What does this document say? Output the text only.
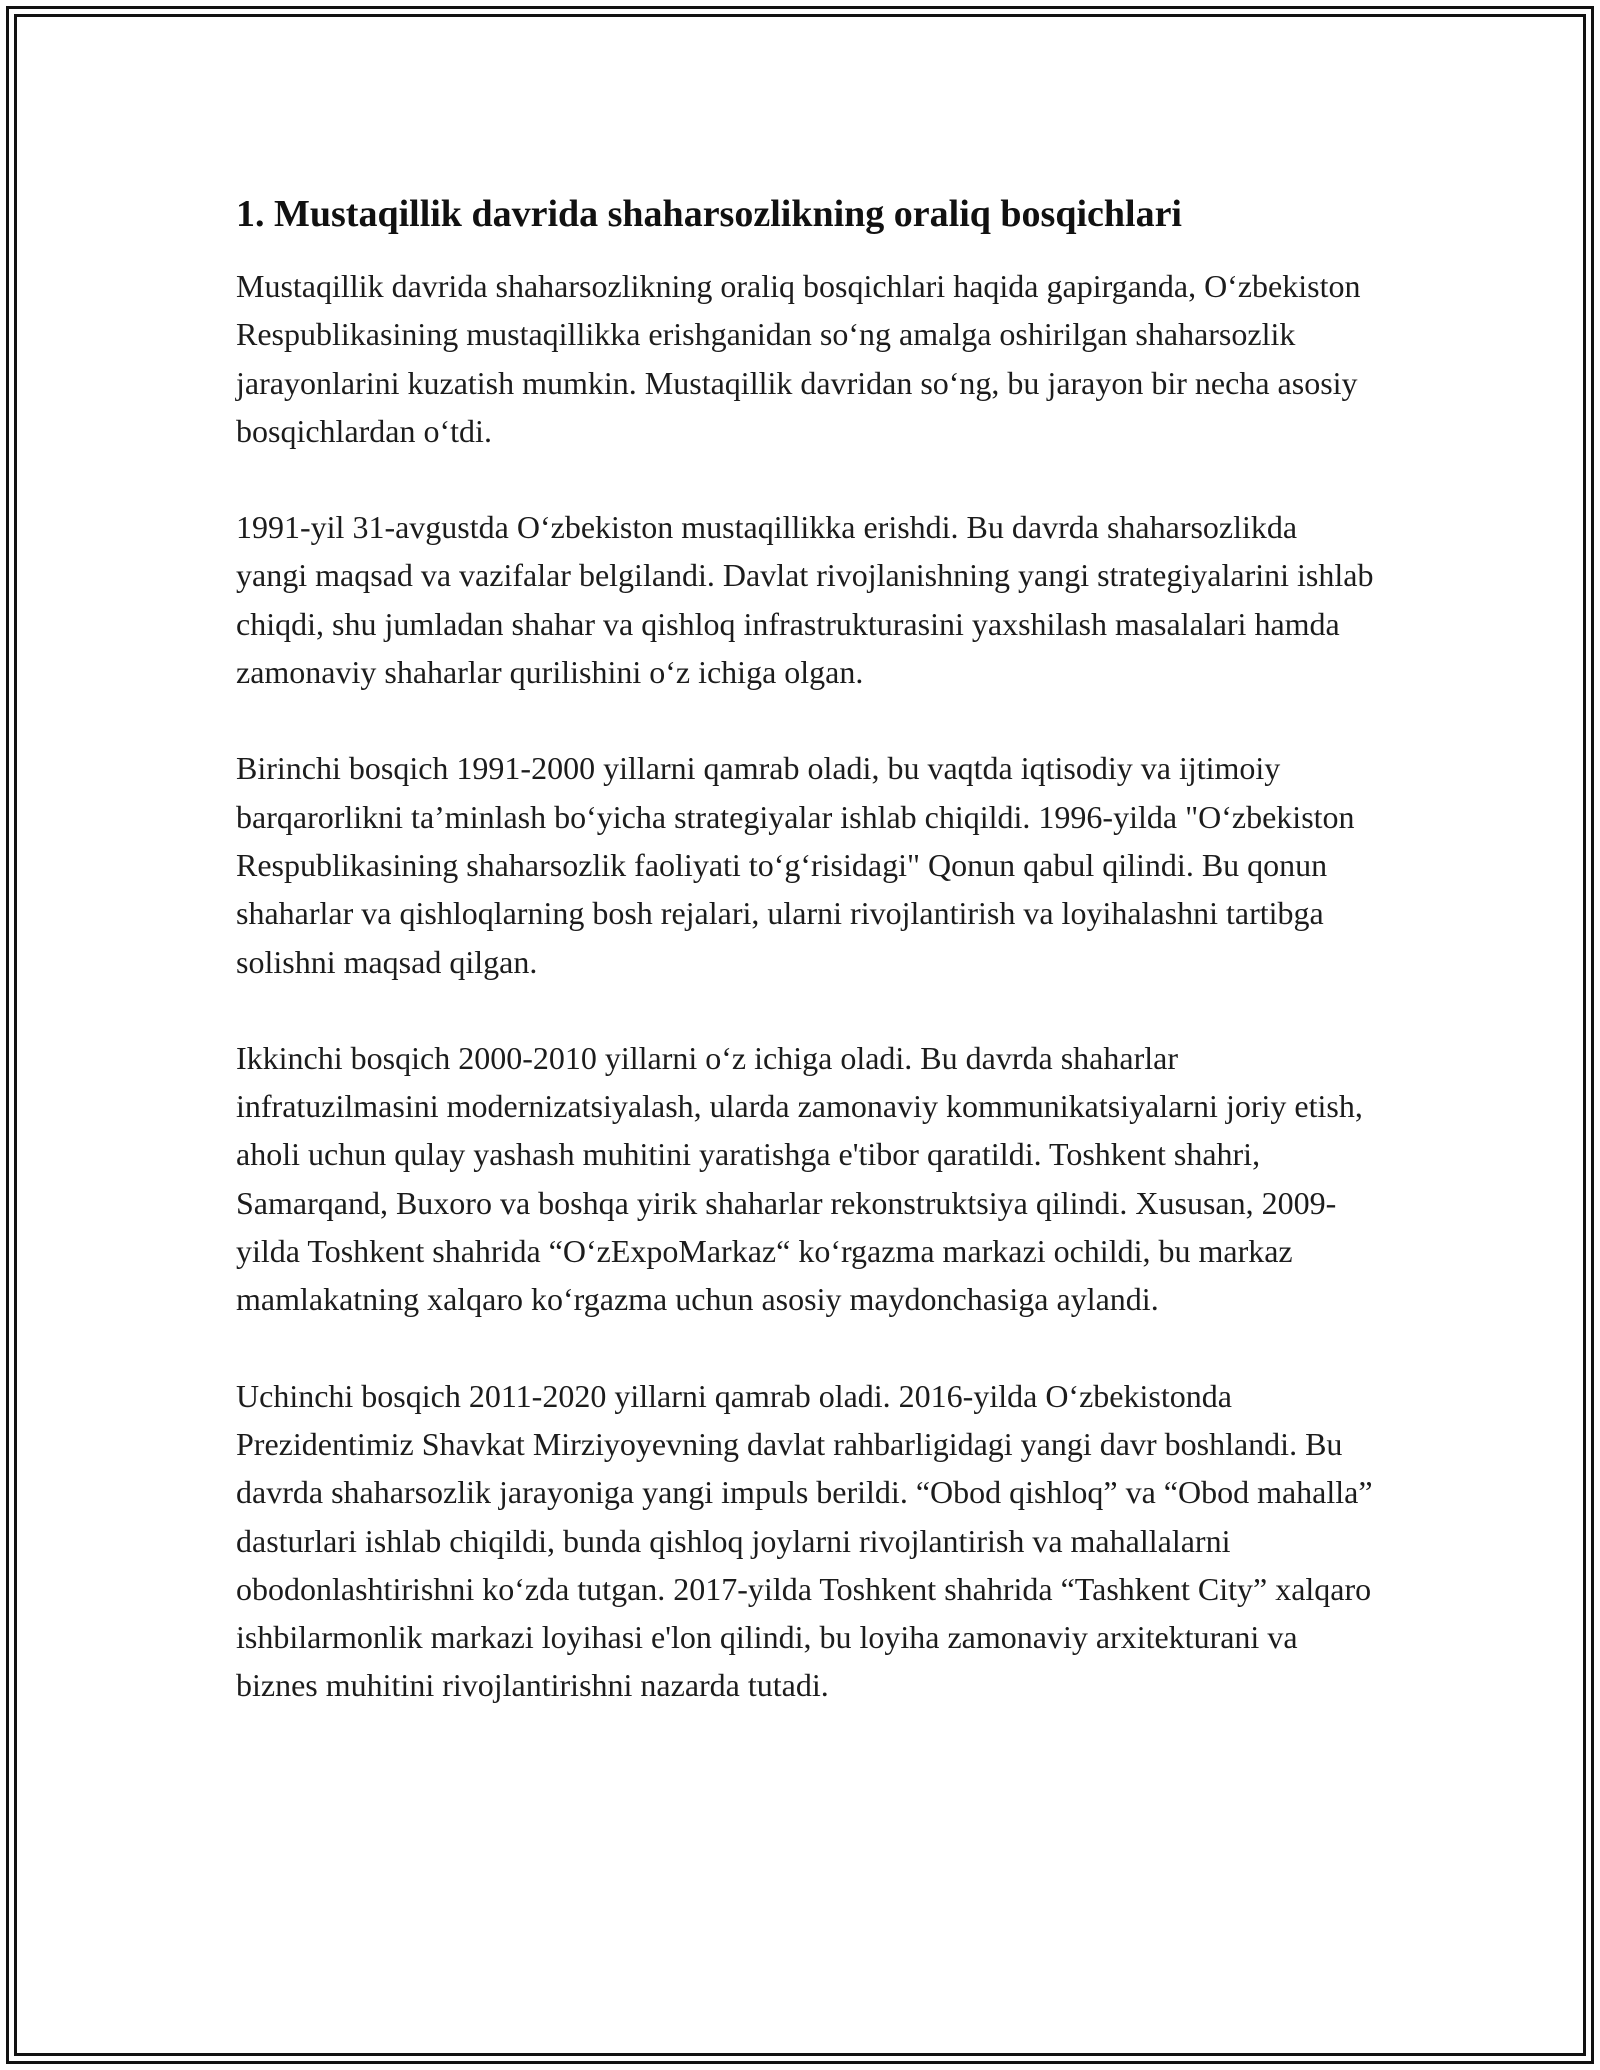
1. Mustaqillik davrida shaharsozlikning oraliq bosqichlari

Mustaqillik davrida shaharsozlikning oraliq bosqichlari haqida gapirganda, O‘zbekiston Respublikasining mustaqillikka erishganidan so‘ng amalga oshirilgan shaharsozlik jarayonlarini kuzatish mumkin. Mustaqillik davridan so‘ng, bu jarayon bir necha asosiy bosqichlardan o‘tdi.

1991-yil 31-avgustda O‘zbekiston mustaqillikka erishdi. Bu davrda shaharsozlikda yangi maqsad va vazifalar belgilandi. Davlat rivojlanishning yangi strategiyalarini ishlab chiqdi, shu jumladan shahar va qishloq infrastrukturasini yaxshilash masalalari hamda zamonaviy shaharlar qurilishini o‘z ichiga olgan.

Birinchi bosqich 1991-2000 yillarni qamrab oladi, bu vaqtda iqtisodiy va ijtimoiy barqarorlikni ta’minlash bo‘yicha strategiyalar ishlab chiqildi. 1996-yilda "O‘zbekiston Respublikasining shaharsozlik faoliyati to‘g‘risidagi" Qonun qabul qilindi. Bu qonun shaharlar va qishloqlarning bosh rejalari, ularni rivojlantirish va loyihalashni tartibga solishni maqsad qilgan.

Ikkinchi bosqich 2000-2010 yillarni o‘z ichiga oladi. Bu davrda shaharlar infratuzilmasini modernizatsiyalash, ularda zamonaviy kommunikatsiyalarni joriy etish, aholi uchun qulay yashash muhitini yaratishga e'tibor qaratildi. Toshkent shahri, Samarqand, Buxoro va boshqa yirik shaharlar rekonstruktsiya qilindi. Xususan, 2009-yilda Toshkent shahrida “O‘zExpoMarkaz“ ko‘rgazma markazi ochildi, bu markaz mamlakatning xalqaro ko‘rgazma uchun asosiy maydonchasiga aylandi.

Uchinchi bosqich 2011-2020 yillarni qamrab oladi. 2016-yilda O‘zbekistonda Prezidentimiz Shavkat Mirziyoyevning davlat rahbarligidagi yangi davr boshlandi. Bu davrda shaharsozlik jarayoniga yangi impuls berildi. “Obod qishloq” va “Obod mahalla” dasturlari ishlab chiqildi, bunda qishloq joylarni rivojlantirish va mahallalarni obodonlashtirishni ko‘zda tutgan. 2017-yilda Toshkent shahrida “Tashkent City” xalqaro ishbilarmonlik markazi loyihasi e'lon qilindi, bu loyiha zamonaviy arxitekturani va biznes muhitini rivojlantirishni nazarda tutadi.
